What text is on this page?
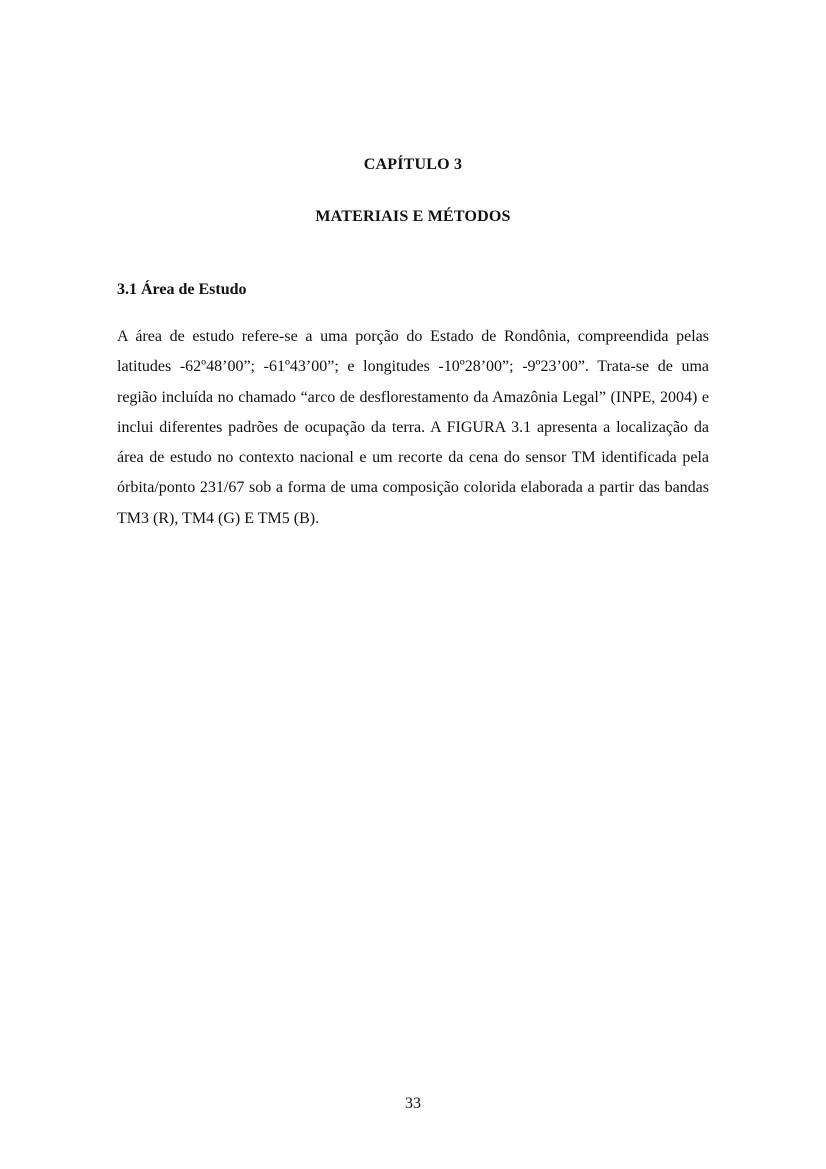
CAPÍTULO 3
MATERIAIS E MÉTODOS
3.1 Área de Estudo

A área de estudo refere-se a uma porção do Estado de Rondônia, compreendida pelas latitudes -62º48’00”; -61º43’00”; e longitudes -10º28’00”; -9º23’00”. Trata-se de uma região incluída no chamado “arco de desflorestamento da Amazônia Legal” (INPE, 2004) e inclui diferentes padrões de ocupação da terra. A FIGURA 3.1 apresenta a localização da área de estudo no contexto nacional e um recorte da cena do sensor TM identificada pela órbita/ponto 231/67 sob a forma de uma composição colorida elaborada a partir das bandas TM3 (R), TM4 (G) E TM5 (B).

33
